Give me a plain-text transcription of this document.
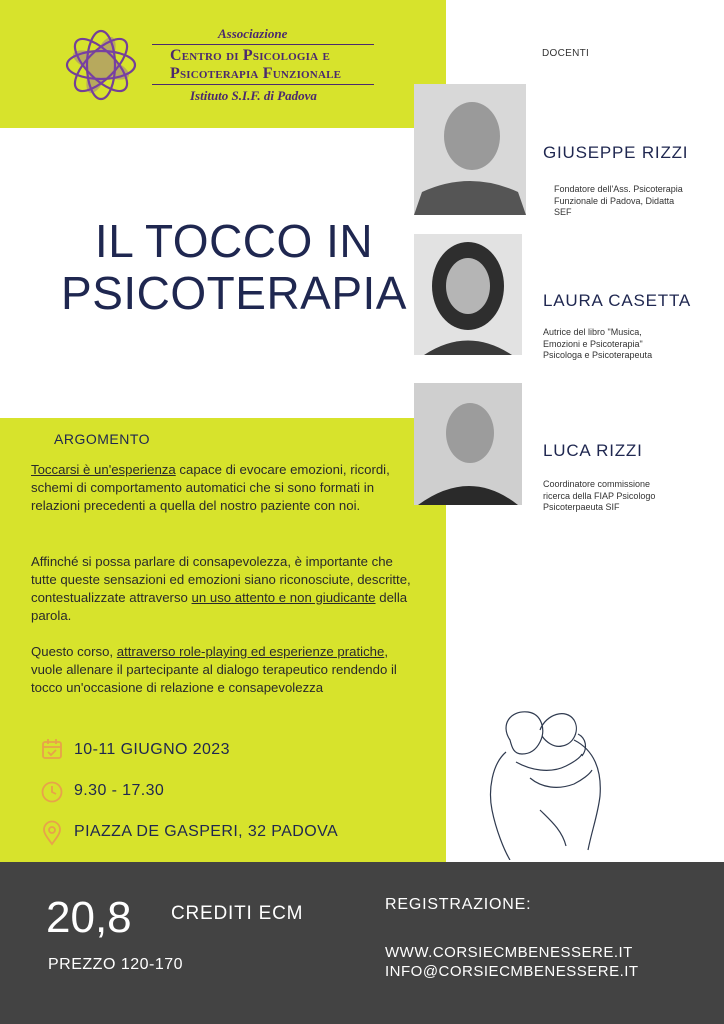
Associazione
Centro di Psicologia e
Psicoterapia Funzionale
Istituto S.I.F. di Padova
IL TOCCO IN
PSICOTERAPIA
DOCENTI
GIUSEPPE RIZZI
Fondatore dell'Ass. Psicoterapia
Funzionale di Padova, Didatta
SEF
LAURA CASETTA
Autrice del libro "Musica,
Emozioni e Psicoterapia"
Psicologa e Psicoterapeuta
LUCA RIZZI
Coordinatore commissione
ricerca della FIAP Psicologo
Psicoterpaeuta SIF
ARGOMENTO
Toccarsi è un'esperienza capace di evocare emozioni, ricordi, schemi di comportamento automatici che si sono formati in relazioni precedenti a quella del nostro paziente con noi.
Affinché si possa parlare di consapevolezza, è importante che tutte queste sensazioni ed emozioni siano riconosciute, descritte, contestualizzate attraverso un uso attento e non giudicante della parola.
Questo corso, attraverso role-playing ed esperienze pratiche, vuole allenare il partecipante al dialogo terapeutico rendendo il tocco un'occasione di relazione e consapevolezza
10-11 GIUGNO 2023
9.30 - 17.30
PIAZZA DE GASPERI, 32 PADOVA
20,8 CREDITI ECM
PREZZO 120-170
REGISTRAZIONE:
WWW.CORSIECMBENESSERE.IT
INFO@CORSIECMBENESSERE.IT
